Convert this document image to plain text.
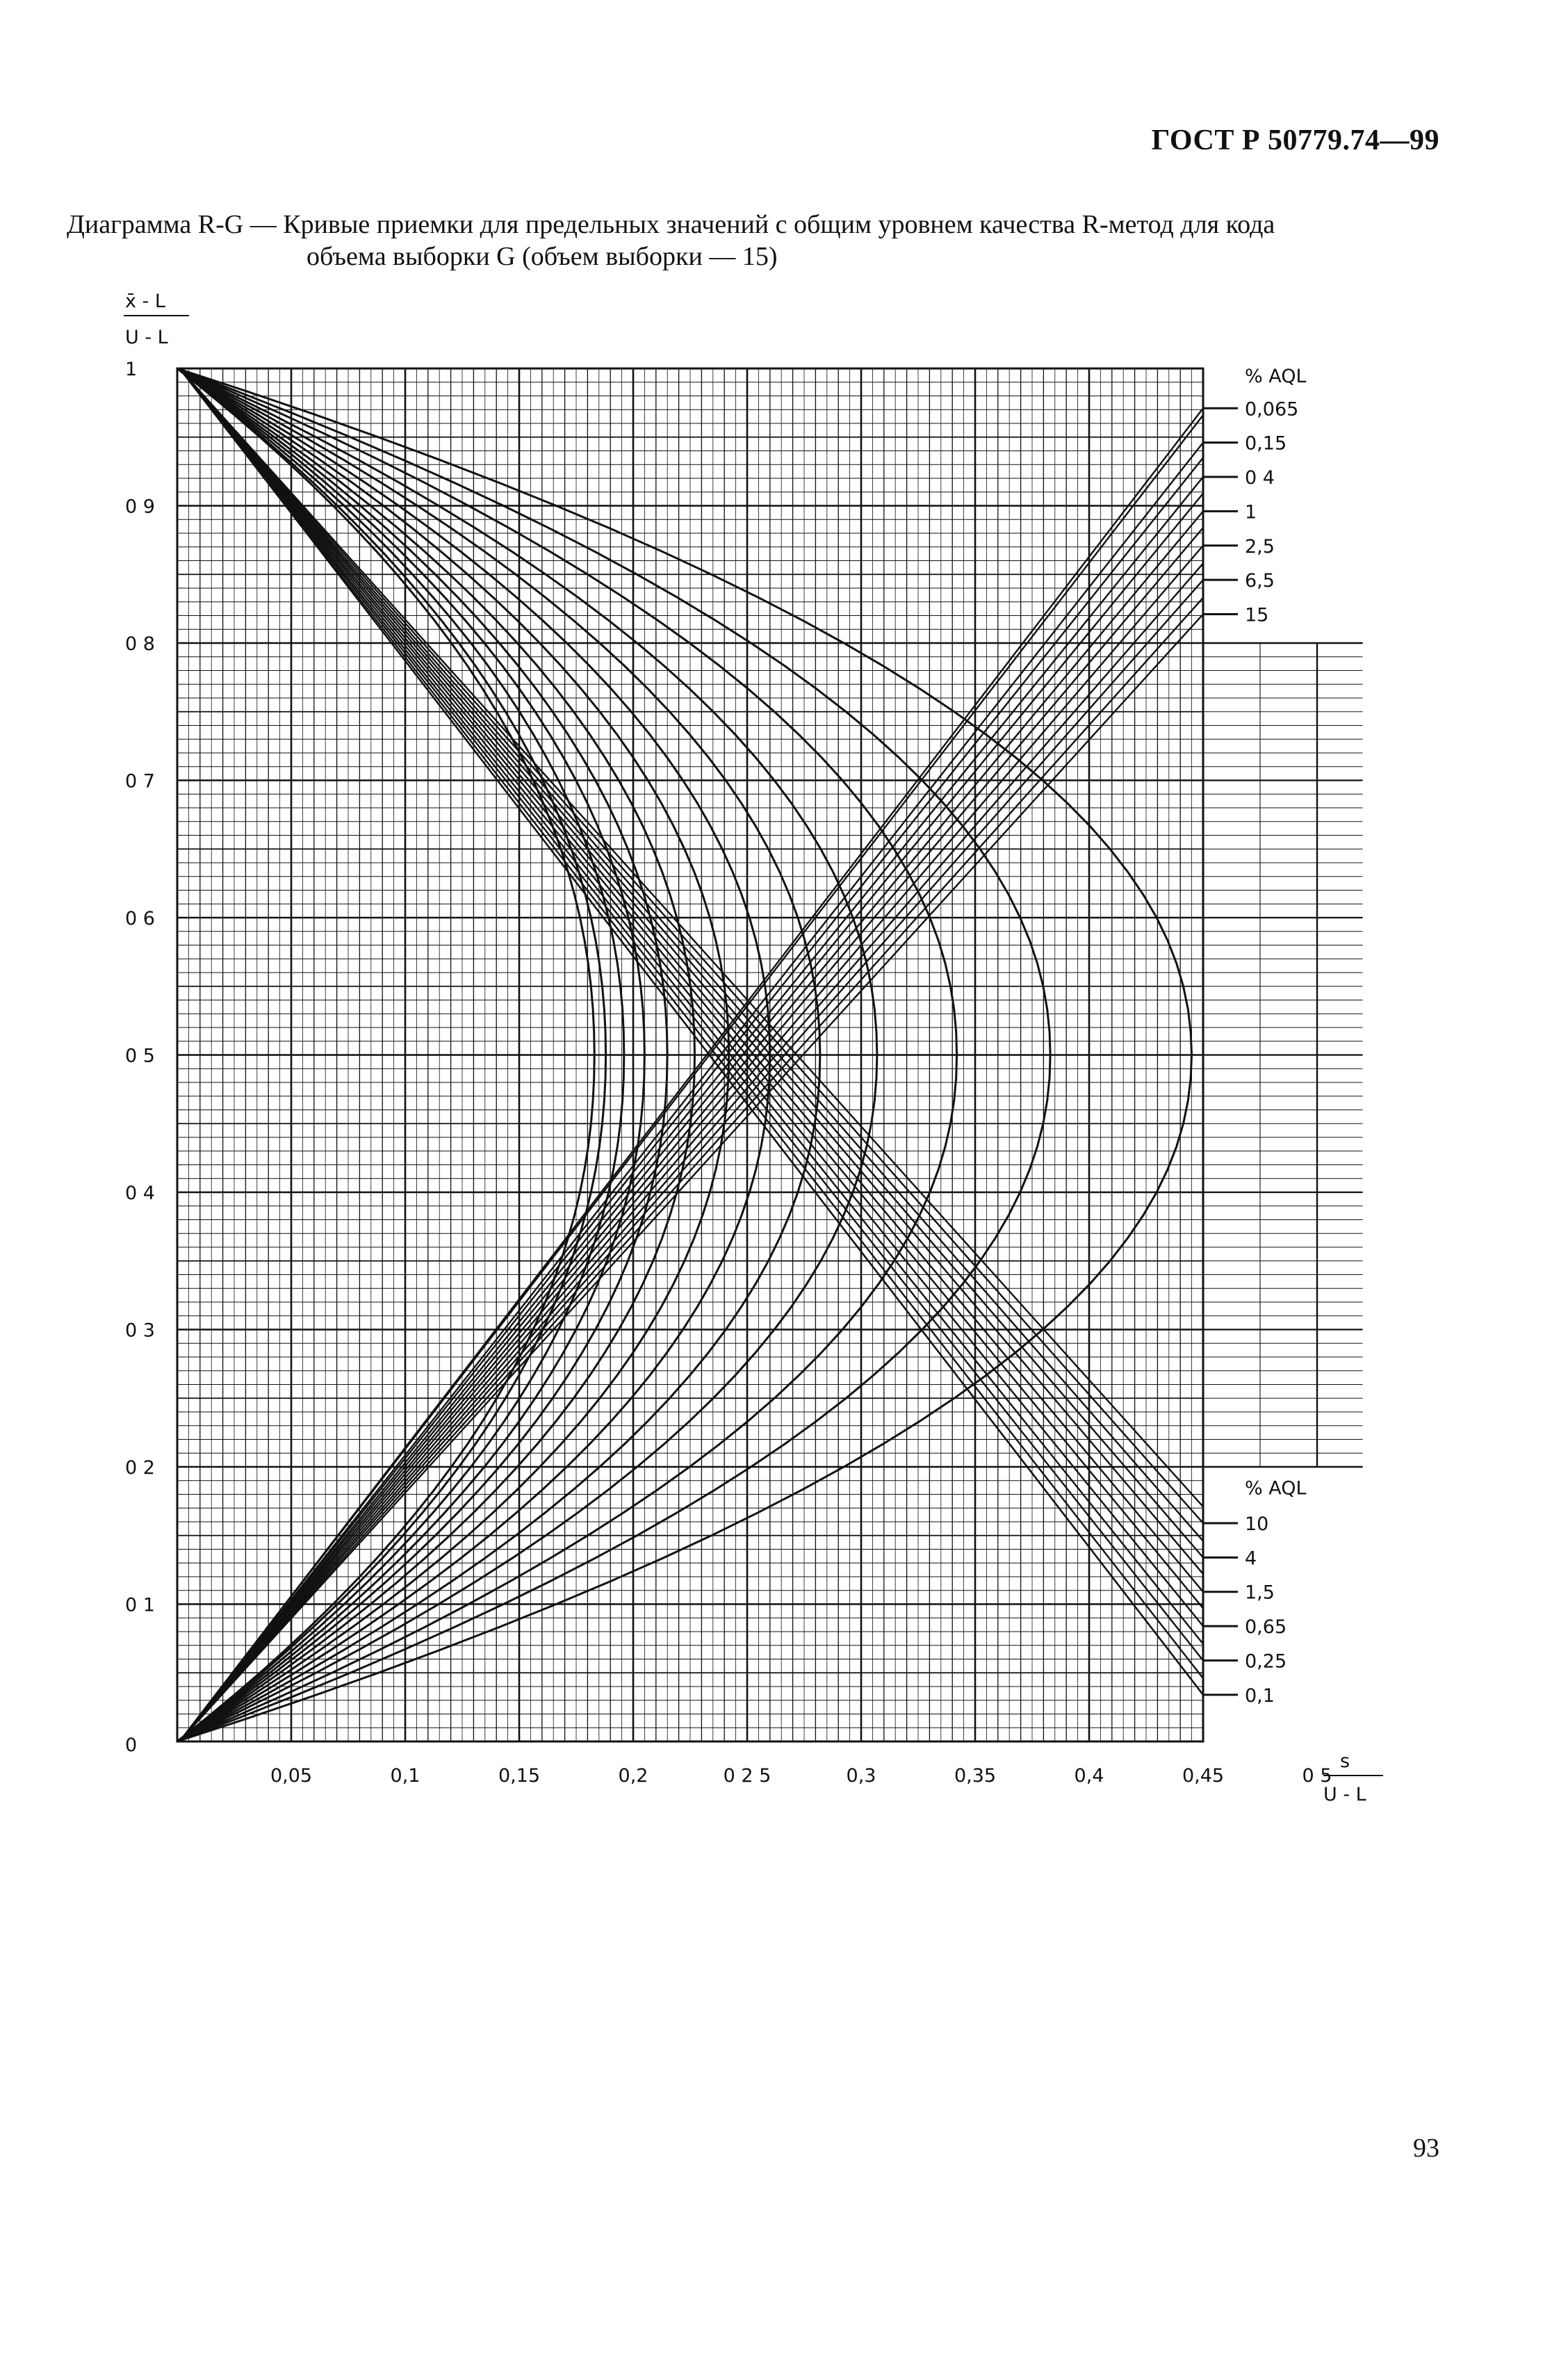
ГОСТ Р 50779.74—99
Диаграмма R-G — Кривые приемки для предельных значений с общим уровнем качества R-метод для кода
объема выборки G (объем выборки — 15)
x̄ - L
U - L
s
U - L
1
0 9
0 8
0 7
0 6
0 5
0 4
0 3
0 2
0 1
0
0,05	0,1	0,15	0,2	0 2 5	0,3	0,35	0,4	0,45	0 5
% AQL
0,065
0,15
0 4
1
2,5
6,5
15
% AQL
10
4
1,5
0,65
0,25
0,1
93
